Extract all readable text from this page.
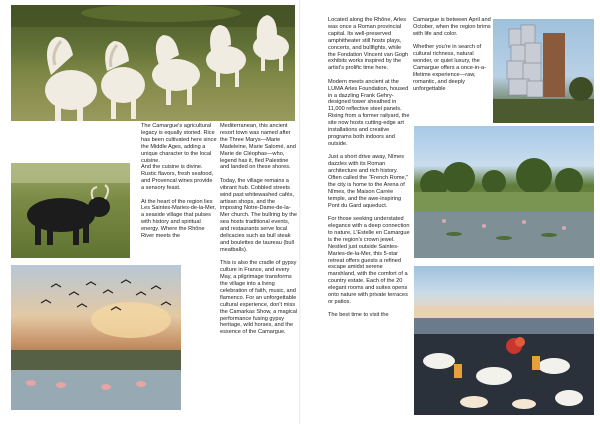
The Camargue's agricultural legacy is equally storied. Rice has been cultivated here since the Middle Ages, adding a unique character to the local cuisine.
And the cuisine is divine. Rustic flavors, fresh seafood, and Provencal wines provide a sensory feast.

At the heart of the region lies Les Saintes-Maries-de-la-Mer, a seaside village that pulses with history and spiritual energy. Where the Rhône River meets the

Mediterranean, this ancient resort town was named after the Three Marys—Marie Madeleine, Marie Salomé, and Marie de Cléophas—who, legend has it, fled Palestine and landed on these shores.

Today, the village remains a vibrant hub. Cobbled streets wind past whitewashed cafés, artisan shops, and the imposing Notre-Dame-de-la-Mer church. The bullring by the sea hosts traditional events, and restaurants serve local delicacies such as bull steak and boulettes de taureau (bull meatballs).

This is also the cradle of gypsy culture in France, and every May, a pilgrimage transforms the village into a living celebration of faith, music, and flamenco. For an unforgettable cultural experience, don't miss the Camarkas Show, a magical performance fusing gypsy heritage, wild horses, and the essence of the Camargue.

Located along the Rhône, Arles was once a Roman provincial capital. Its well-preserved amphitheater still hosts plays, concerts, and bullfights, while the Fondation Vincent van Gogh exhibits works inspired by the artist's prolific time here.

Modern meets ancient at the LUMA Arles Foundation, housed in a dazzling Frank Gehry-designed tower sheathed in 11,000 reflective steel panels. Rising from a former railyard, the site now hosts cutting-edge art installations and creative programs both indoors and outside.

Just a short drive away, Nîmes dazzles with its Roman architecture and rich history. Often called the "French Rome," the city is home to the Arena of Nîmes, the Maison Carrée temple, and the awe-inspiring Pont du Gard aqueduct.

For those seeking understated elegance with a deep connection to nature, L'Estelle en Camargue is the region's crown jewel. Nestled just outside Saintes-Maries-de-la-Mer, this 5-star retreat offers guests a refined escape amidst serene marshland, with the comfort of a country estate. Each of the 20 elegant rooms and suites opens onto nature with private terraces or patios.

The best time to visit the

Camargue is between April and October, when the region brims with life and color.

Whether you're in search of cultural richness, natural wonder, or quiet luxury, the Camargue offers a once-in-a-lifetime experience—raw, romantic, and deeply unforgettable
